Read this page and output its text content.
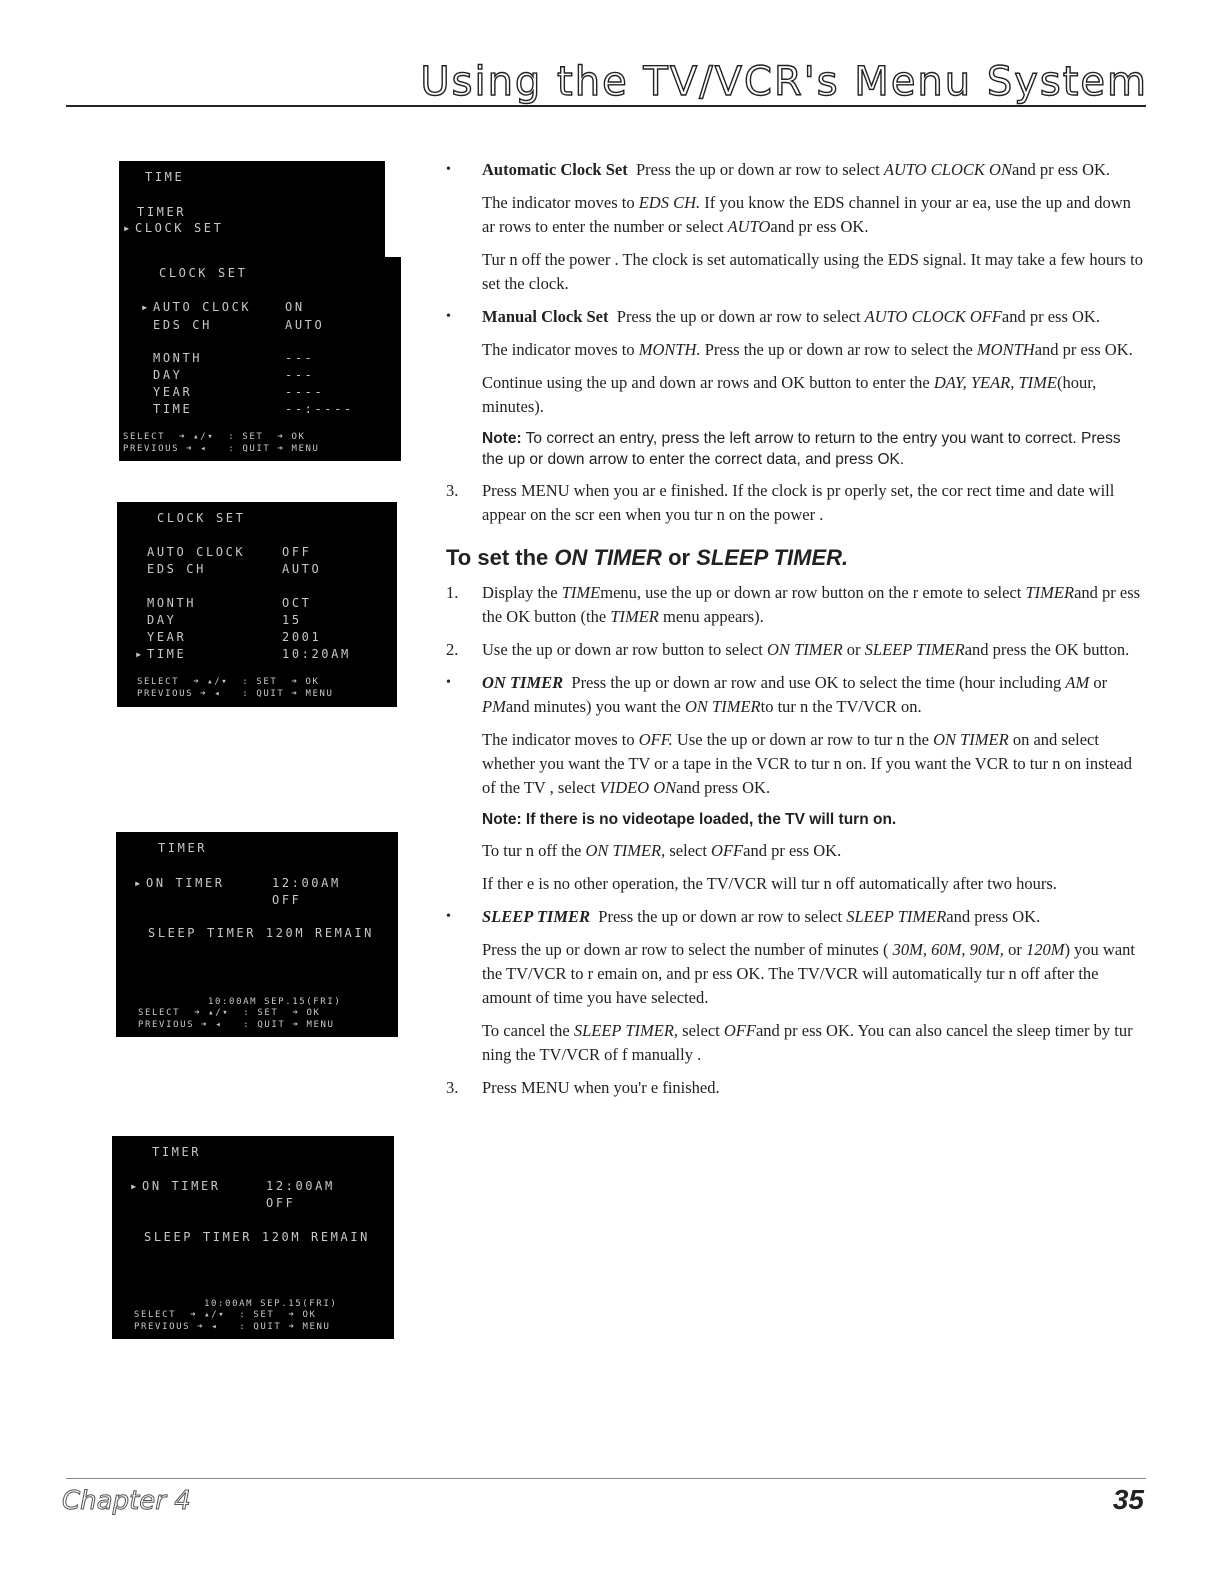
Using the TV/VCR's Menu System
TIME
TIMER
▸ CLOCK SET
CLOCK SET
▸ AUTO CLOCK	ON
EDS CH	AUTO
MONTH	---
DAY	---
YEAR	----
TIME	--:----
SELECT  ➜ ▴/▾  : SET  ➜ OK
PREVIOUS ➜ ◂   : QUIT ➜ MENU
CLOCK SET
AUTO CLOCK	OFF
EDS CH	AUTO
MONTH	OCT
DAY	15
YEAR	2001
▸ TIME	10:20AM
SELECT  ➜ ▴/▾  : SET  ➜ OK
PREVIOUS ➜ ◂   : QUIT ➜ MENU
TIMER
▸ ON TIMER	12:00AM
OFF
SLEEP TIMER 120M REMAIN
10:00AM SEP.15(FRI)
SELECT  ➜ ▴/▾  : SET  ➜ OK
PREVIOUS ➜ ◂   : QUIT ➜ MENU
TIMER
▸ ON TIMER	12:00AM
OFF
SLEEP TIMER 120M REMAIN
10:00AM SEP.15(FRI)
SELECT  ➜ ▴/▾  : SET  ➜ OK
PREVIOUS ➜ ◂   : QUIT ➜ MENU
•	Automatic Clock Set Press the up or down ar row to select AUTO CLOCK ONand pr ess OK.
The indicator moves to EDS CH. If you know the EDS channel in your ar ea, use the up and down ar rows to enter the number or select AUTOand pr ess OK.
Tur n off the power . The clock is set automatically using the EDS signal. It may take a few hours to set the clock.
•	Manual Clock Set Press the up or down ar row to select AUTO CLOCK OFFand pr ess OK.
The indicator moves to MONTH. Press the up or down ar row to select the MONTHand pr ess OK.
Continue using the up and down ar rows and OK button to enter the DAY, YEAR, TIME(hour, minutes).
Note: To correct an entry, press the left arrow to return to the entry you want to correct. Press the up or down arrow to enter the correct data, and press OK.
3.	Press MENU when you ar e finished. If the clock is pr operly set, the cor rect time and date will appear on the scr een when you tur n on the power .
To set the ON TIMER or SLEEP TIMER.
1.	Display the TIMEmenu, use the up or down ar row button on the r emote to select TIMERand pr ess the OK button (the TIMER menu appears).
2.	Use the up or down ar row button to select ON TIMER or SLEEP TIMERand press the OK button.
•	ON TIMER Press the up or down ar row and use OK to select the time (hour including AM or PMand minutes) you want the ON TIMERto tur n the TV/VCR on.
The indicator moves to OFF. Use the up or down ar row to tur n the ON TIMER on and select whether you want the TV or a tape in the VCR to tur n on. If you want the VCR to tur n on instead of the TV , select VIDEO ONand press OK.
Note: If there is no videotape loaded, the TV will turn on.
To tur n off the ON TIMER, select OFFand pr ess OK.
If ther e is no other operation, the TV/VCR will tur n off automatically after two hours.
•	SLEEP TIMER Press the up or down ar row to select SLEEP TIMERand press OK.
Press the up or down ar row to select the number of minutes ( 30M, 60M, 90M, or 120M) you want the TV/VCR to r emain on, and pr ess OK. The TV/VCR will automatically tur n off after the amount of time you have selected.
To cancel the SLEEP TIMER, select OFFand pr ess OK. You can also cancel the sleep timer by tur ning the TV/VCR of f manually .
3.	Press MENU when you'r e finished.
Chapter 4	35
